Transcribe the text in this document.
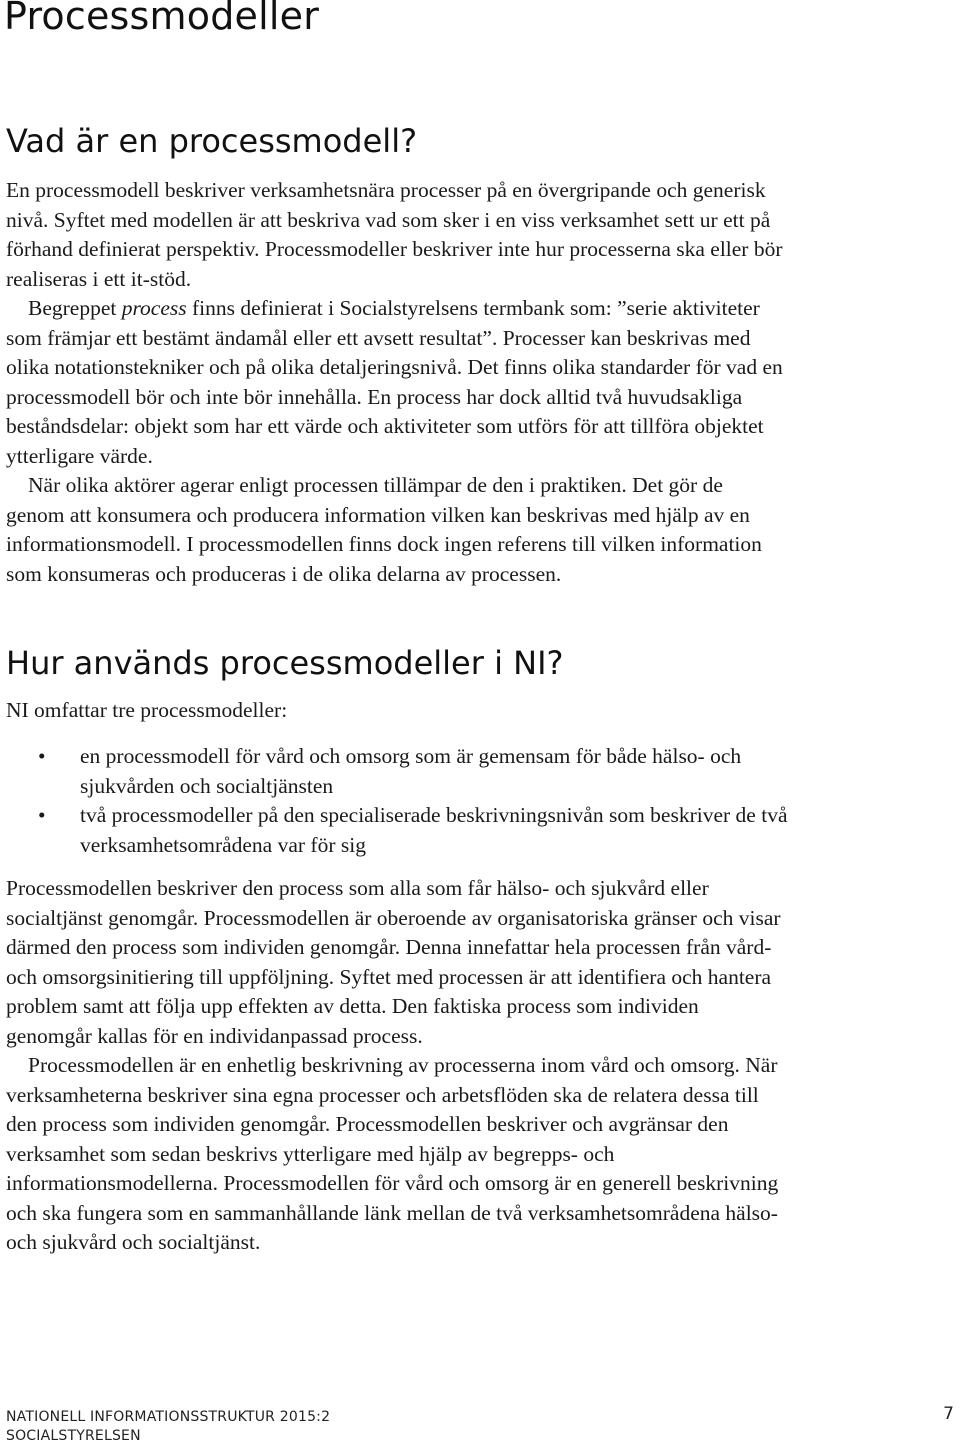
Processmodeller
Vad är en processmodell?

En processmodell beskriver verksamhetsnära processer på en övergripande och generisk nivå. Syftet med modellen är att beskriva vad som sker i en viss verksamhet sett ur ett på förhand definierat perspektiv. Processmodeller beskriver inte hur processerna ska eller bör realiseras i ett it-stöd.

Begreppet process finns definierat i Socialstyrelsens termbank som: ”serie aktiviteter som främjar ett bestämt ändamål eller ett avsett resultat”. Processer kan beskrivas med olika notationstekniker och på olika detaljeringsnivå. Det finns olika standarder för vad en processmodell bör och inte bör innehålla. En process har dock alltid två huvudsakliga beståndsdelar: objekt som har ett värde och aktiviteter som utförs för att tillföra objektet ytterligare värde.

När olika aktörer agerar enligt processen tillämpar de den i praktiken. Det gör de genom att konsumera och producera information vilken kan beskrivas med hjälp av en informationsmodell. I processmodellen finns dock ingen referens till vilken information som konsumeras och produceras i de olika delarna av processen.

Hur används processmodeller i NI?

NI omfattar tre processmodeller:

• en processmodell för vård och omsorg som är gemensam för både hälso- och sjukvården och socialtjänsten
• två processmodeller på den specialiserade beskrivningsnivån som beskriver de två verksamhetsområdena var för sig

Processmodellen beskriver den process som alla som får hälso- och sjukvård eller socialtjänst genomgår. Processmodellen är oberoende av organisatoriska gränser och visar därmed den process som individen genomgår. Denna innefattar hela processen från vård- och omsorgsinitiering till uppföljning. Syftet med processen är att identifiera och hantera problem samt att följa upp effekten av detta. Den faktiska process som individen genomgår kallas för en individanpassad process.

Processmodellen är en enhetlig beskrivning av processerna inom vård och omsorg. När verksamheterna beskriver sina egna processer och arbetsflöden ska de relatera dessa till den process som individen genomgår. Processmodellen beskriver och avgränsar den verksamhet som sedan beskrivs ytterligare med hjälp av begrepps- och informationsmodellerna. Processmodellen för vård och omsorg är en generell beskrivning och ska fungera som en sammanhållande länk mellan de två verksamhetsområdena hälso- och sjukvård och socialtjänst.

NATIONELL INFORMATIONSSTRUKTUR 2015:2
SOCIALSTYRELSEN
7
